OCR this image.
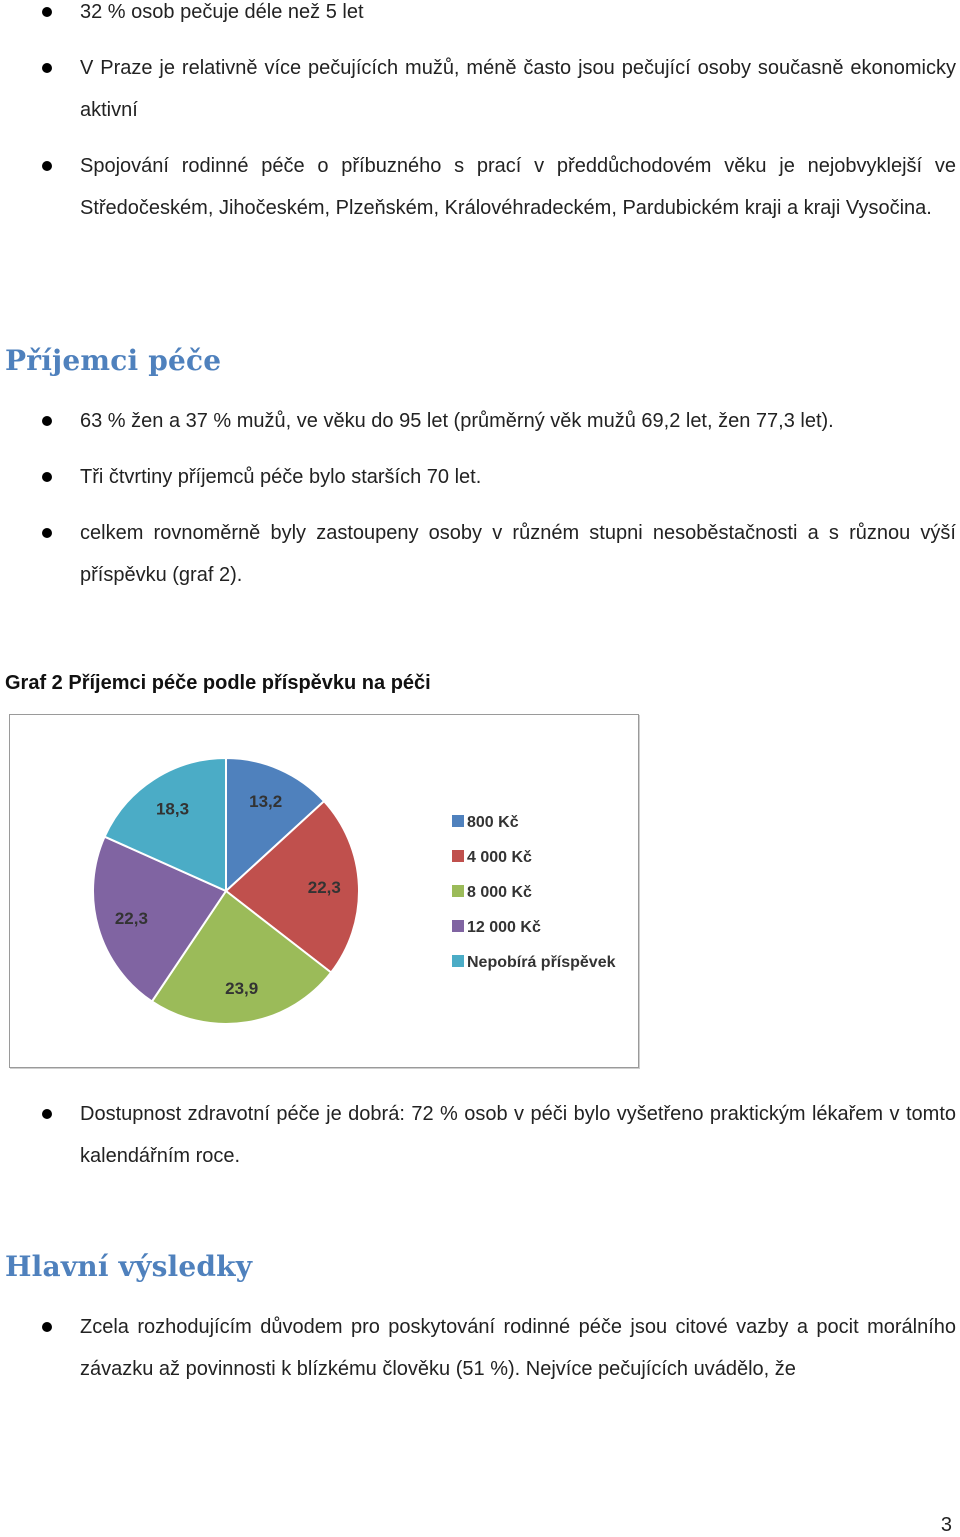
32 % osob pečuje déle než 5 let
V Praze je relativně více pečujících mužů, méně často jsou pečující osoby současně ekonomicky aktivní
Spojování rodinné péče o příbuzného s prací v předdůchodovém věku je nejobvyklejší ve Středočeském, Jihočeském, Plzeňském, Královéhradeckém, Pardubickém kraji a kraji Vysočina.
Příjemci péče
63 % žen a 37 % mužů, ve věku do 95 let (průměrný věk mužů 69,2 let, žen 77,3 let).
Tři čtvrtiny příjemců péče bylo starších 70 let.
celkem rovnoměrně byly zastoupeny osoby v různém stupni nesoběstačnosti a s různou výší příspěvku (graf 2).
Graf 2 Příjemci péče podle příspěvku na péči
13,2
22,3
23,9
22,3
18,3
800 Kč
4 000 Kč
8 000 Kč
12 000 Kč
Nepobírá příspěvek
Dostupnost zdravotní péče je dobrá: 72 % osob v péči bylo vyšetřeno praktickým lékařem v tomto kalendářním roce.
Hlavní výsledky
Zcela rozhodujícím důvodem pro poskytování rodinné péče jsou citové vazby a pocit morálního závazku až povinnosti k blízkému člověku (51 %). Nejvíce pečujících uvádělo, že
3
